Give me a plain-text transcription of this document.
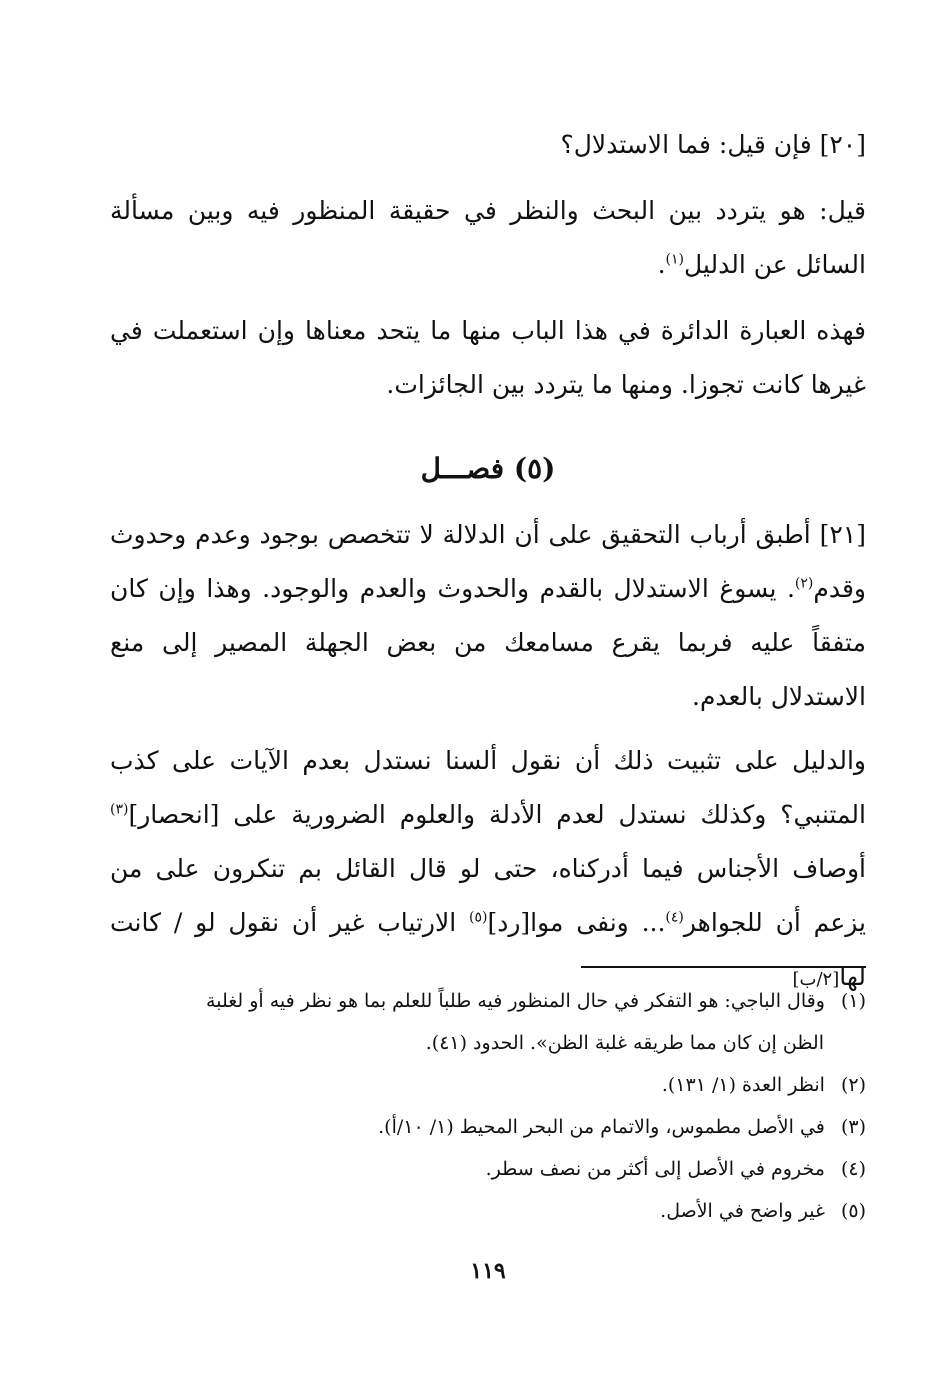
[٢٠] فإن قيل: فما الاستدلال؟

قيل: هو يتردد بين البحث والنظر في حقيقة المنظور فيه وبين مسألة السائل عن الدليل$^{(١)}$.

فهذه العبارة الدائرة في هذا الباب منها ما يتحد معناها وإن استعملت في غيرها كانت تجوزا. ومنها ما يتردد بين الجائزات.

(٥) فصـــل

[٢١] أطبق أرباب التحقيق على أن الدلالة لا تتخصص بوجود وعدم وحدوث وقدم$^{(٢)}$. يسوغ الاستدلال بالقدم والحدوث والعدم والوجود. وهذا وإن كان متفقاً عليه فربما يقرع مسامعك من بعض الجهلة المصير إلى منع الاستدلال بالعدم.

والدليل على تثبيت ذلك أن نقول ألسنا نستدل بعدم الآيات على كذب المتنبي؟ وكذلك نستدل لعدم الأدلة والعلوم الضرورية على [انحصار]$^{(٣)}$ أوصاف الأجناس فيما أدركناه، حتى لو قال القائل بم تنكرون على من يزعم أن للجواهر$^{(٤)}$... ونفى موا[رد]$^{(٥)}$ الارتياب غير أن نقول لو / كانت لها[٢/ب]

(١) وقال الباجي: هو التفكر في حال المنظور فيه طلباً للعلم بما هو نظر فيه أو لغلبة

الظن إن كان مما طريقه غلبة الظن». الحدود (٤١).

(٢) انظر العدة (١/ ١٣١).

(٣) في الأصل مطموس، والاتمام من البحر المحيط (١/ ١٠/أ).

(٤) مخروم في الأصل إلى أكثر من نصف سطر.

(٥) غير واضح في الأصل.

١١٩
